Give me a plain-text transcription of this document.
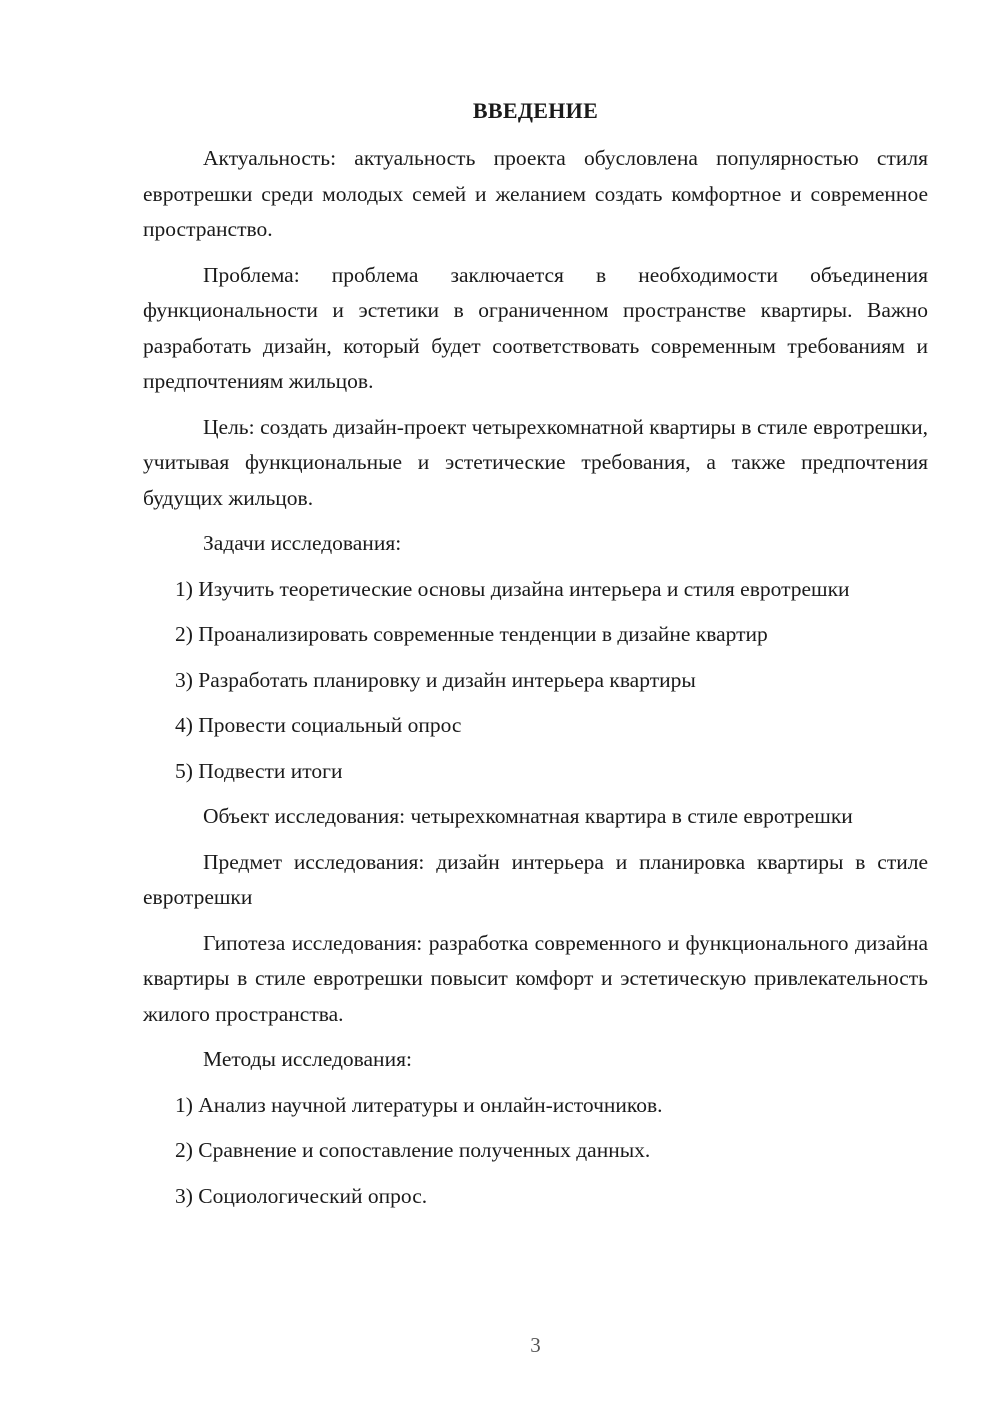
ВВЕДЕНИЕ

Актуальность: актуальность проекта обусловлена популярностью стиля евротрешки среди молодых семей и желанием создать комфортное и современное пространство.

Проблема: проблема заключается в необходимости объединения функциональности и эстетики в ограниченном пространстве квартиры. Важно разработать дизайн, который будет соответствовать современным требованиям и предпочтениям жильцов.

Цель: создать дизайн-проект четырехкомнатной квартиры в стиле евротрешки, учитывая функциональные и эстетические требования, а также предпочтения будущих жильцов.

Задачи исследования:

1) Изучить теоретические основы дизайна интерьера и стиля евротрешки

2) Проанализировать современные тенденции в дизайне квартир

3) Разработать планировку и дизайн интерьера квартиры

4) Провести социальный опрос

5) Подвести итоги

Объект исследования: четырехкомнатная квартира в стиле евротрешки

Предмет исследования: дизайн интерьера и планировка квартиры в стиле евротрешки

Гипотеза исследования: разработка современного и функционального дизайна квартиры в стиле евротрешки повысит комфорт и эстетическую привлекательность жилого пространства.

Методы исследования:

1) Анализ научной литературы и онлайн-источников.

2) Сравнение и сопоставление полученных данных.

3) Социологический опрос.

3
